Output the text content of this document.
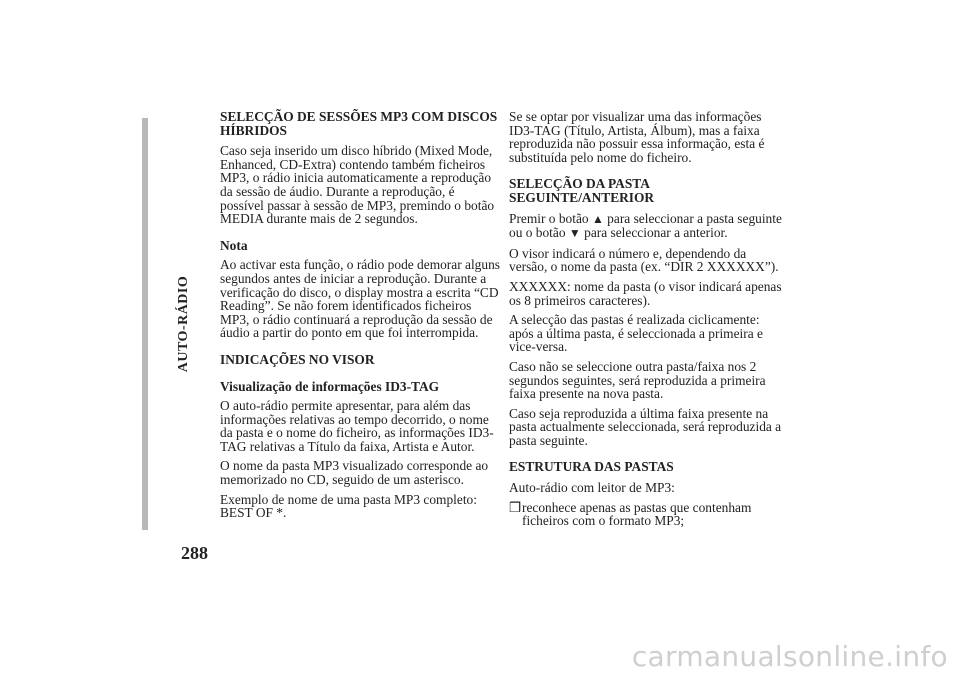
AUTO-RÁDIO
288
SELECÇÃO DE SESSÕES MP3 COM DISCOS HÍBRIDOS

Caso seja inserido um disco híbrido (Mixed Mode, Enhanced, CD-Extra) contendo também ficheiros MP3, o rádio inicia automaticamente a reprodução da sessão de áudio. Durante a reprodução, é possível passar à sessão de MP3, premindo o botão MEDIA durante mais de 2 segundos.

Nota

Ao activar esta função, o rádio pode demorar alguns segundos antes de iniciar a reprodução. Durante a verificação do disco, o display mostra a escrita “CD Reading”. Se não forem identificados ficheiros MP3, o rádio continuará a reprodução da sessão de áudio a partir do ponto em que foi interrompida.

INDICAÇÕES NO VISOR
Visualização de informações ID3-TAG

O auto-rádio permite apresentar, para além das informações relativas ao tempo decorrido, o nome da pasta e o nome do ficheiro, as informações ID3-TAG relativas a Título da faixa, Artista e Autor.

O nome da pasta MP3 visualizado corresponde ao memorizado no CD, seguido de um asterisco.

Exemplo de nome de uma pasta MP3 completo: BEST OF *.

Se se optar por visualizar uma das informações ID3-TAG (Título, Artista, Álbum), mas a faixa reproduzida não possuir essa informação, esta é substituída pelo nome do ficheiro.

SELECÇÃO DA PASTA SEGUINTE/ANTERIOR

Premir o botão ▲ para seleccionar a pasta seguinte ou o botão ▼ para seleccionar a anterior.

O visor indicará o número e, dependendo da versão, o nome da pasta (ex. “DIR 2 XXXXXX”).

XXXXXX: nome da pasta (o visor indicará apenas os 8 primeiros caracteres).

A selecção das pastas é realizada ciclicamente: após a última pasta, é seleccionada a primeira e vice-versa.

Caso não se seleccione outra pasta/faixa nos 2 segundos seguintes, será reproduzida a primeira faixa presente na nova pasta.

Caso seja reproduzida a última faixa presente na pasta actualmente seleccionada, será reproduzida a pasta seguinte.

ESTRUTURA DAS PASTAS

Auto-rádio com leitor de MP3:

❒ reconhece apenas as pastas que contenham ficheiros com o formato MP3;
carmanualsonline.info
